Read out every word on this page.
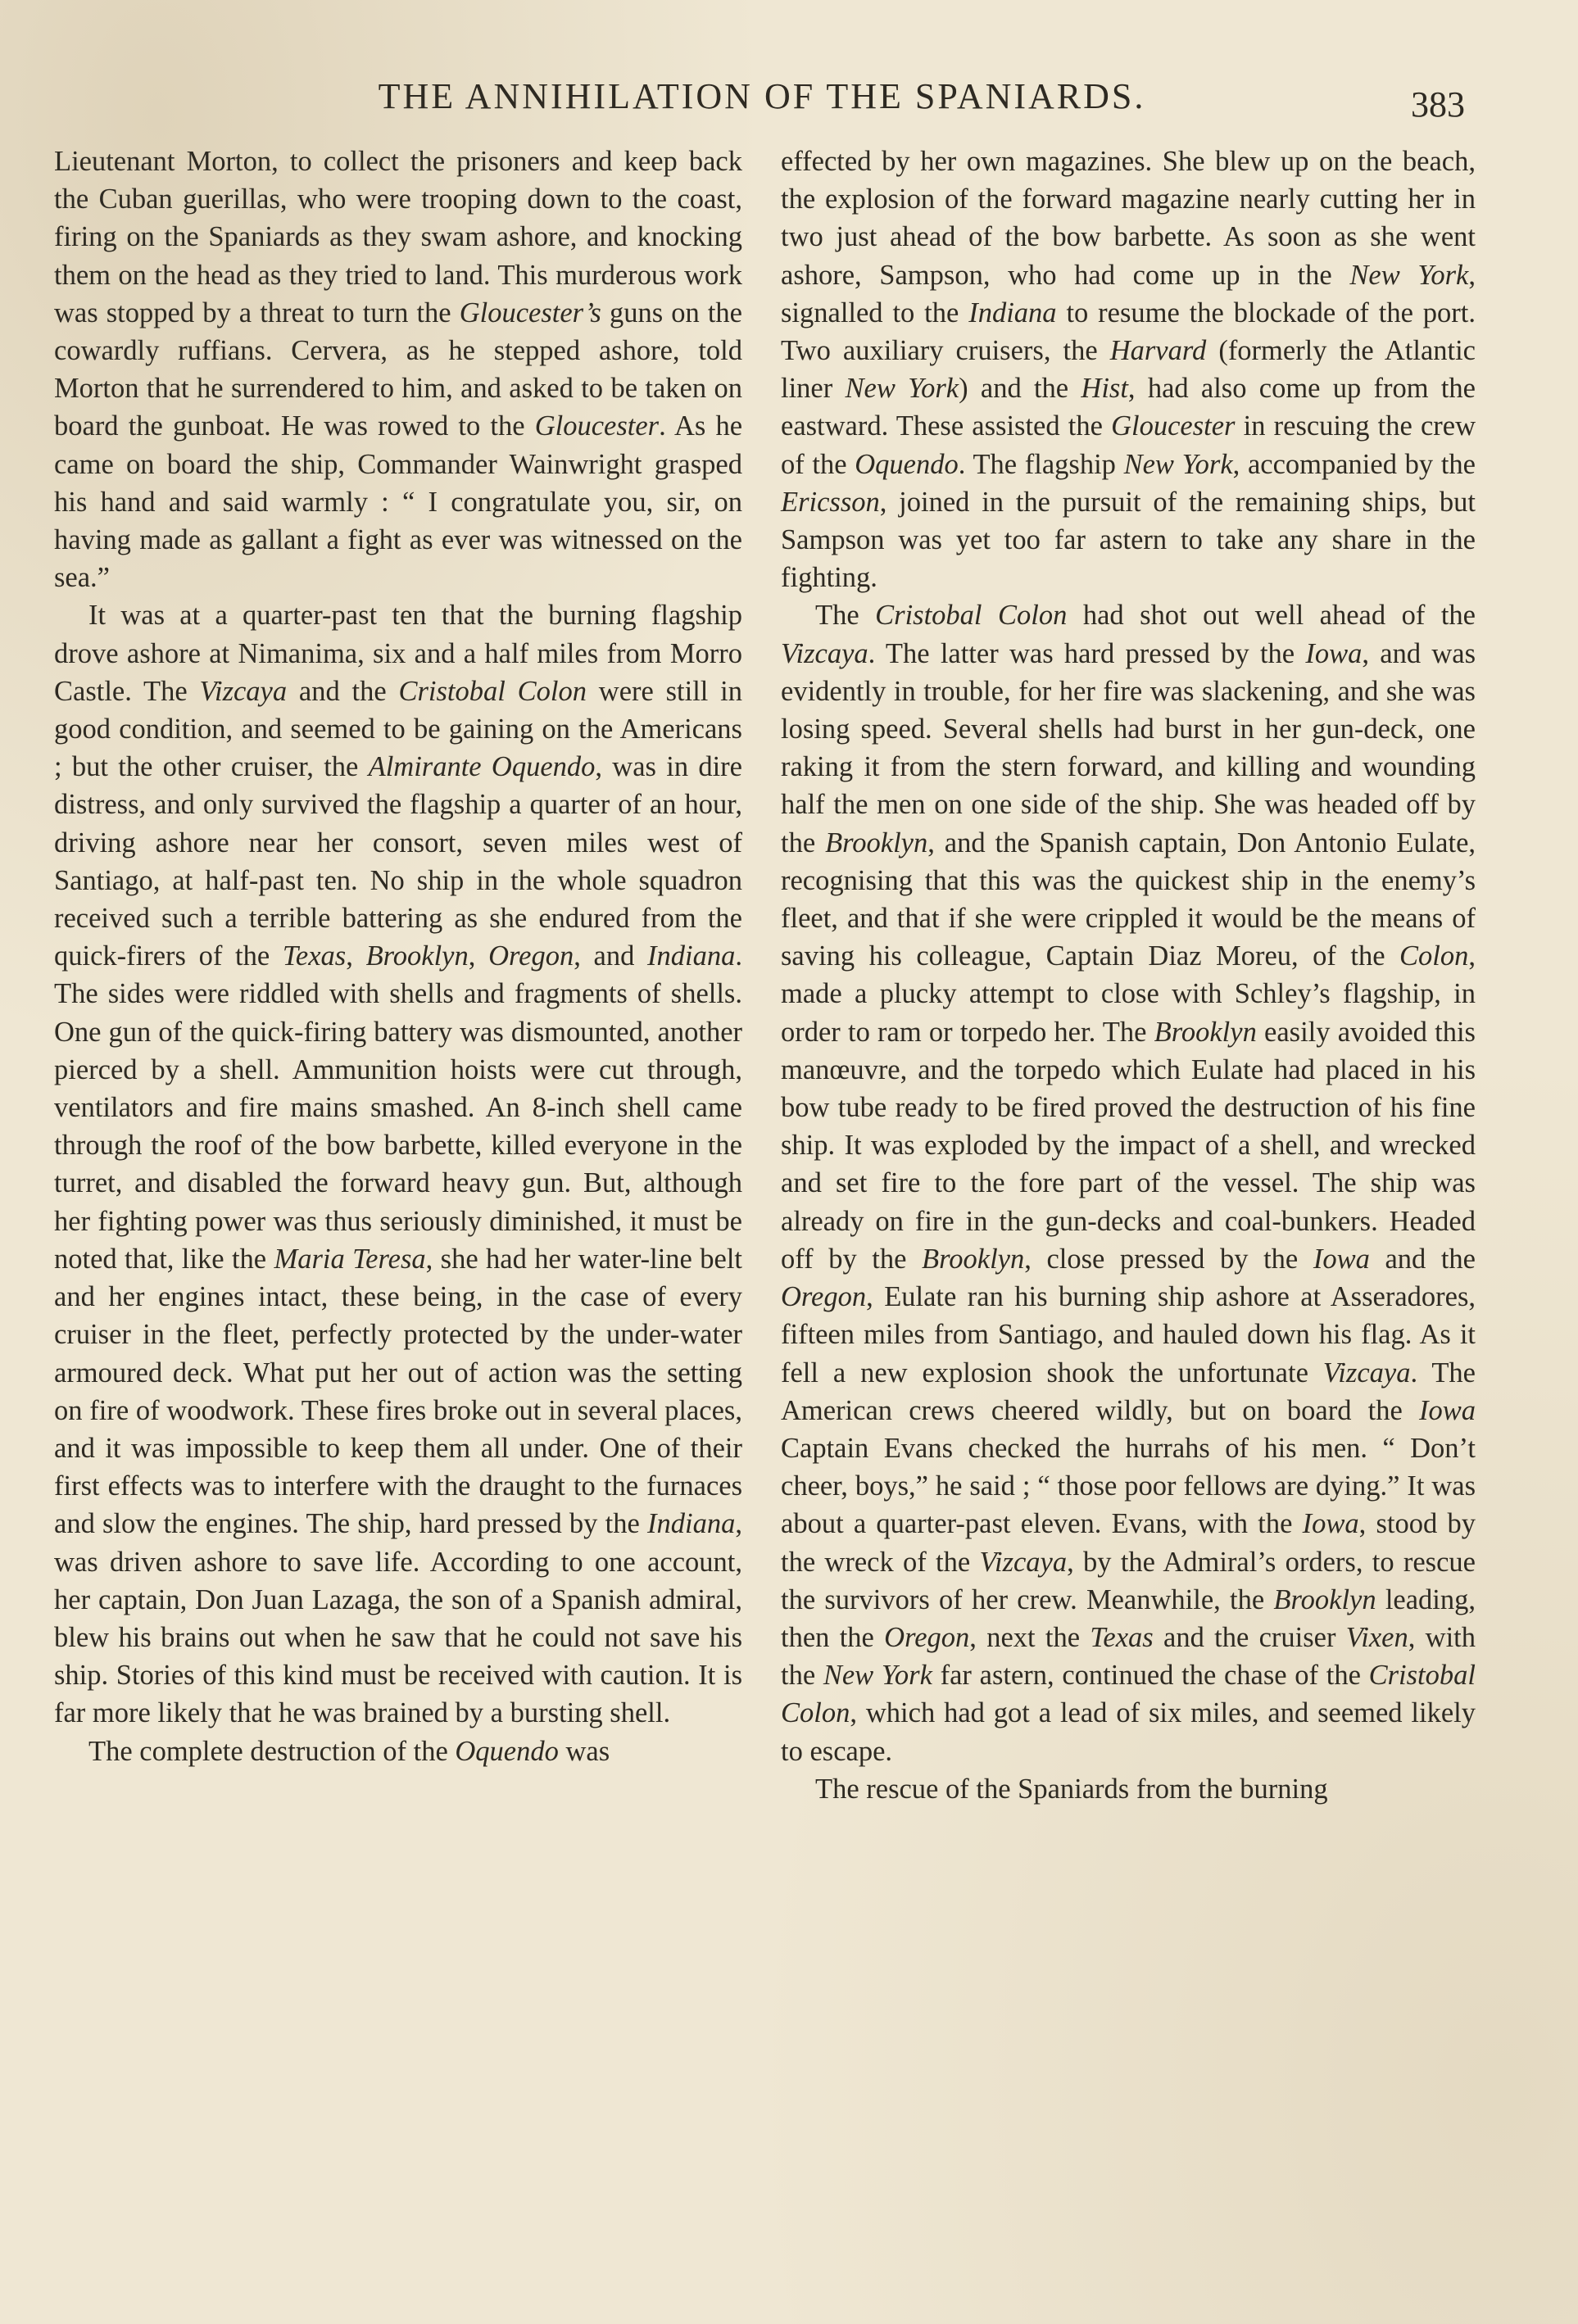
THE ANNIHILATION OF THE SPANIARDS.	383

Lieutenant Morton, to collect the prisoners and keep back the Cuban guerillas, who were trooping down to the coast, firing on the Spaniards as they swam ashore, and knocking them on the head as they tried to land. This murderous work was stopped by a threat to turn the Gloucester’s guns on the cowardly ruffians. Cervera, as he stepped ashore, told Morton that he surrendered to him, and asked to be taken on board the gunboat. He was rowed to the Gloucester. As he came on board the ship, Commander Wainwright grasped his hand and said warmly : “ I congratulate you, sir, on having made as gallant a fight as ever was witnessed on the sea.”

It was at a quarter-past ten that the burning flagship drove ashore at Nimanima, six and a half miles from Morro Castle. The Vizcaya and the Cristobal Colon were still in good condition, and seemed to be gaining on the Americans ; but the other cruiser, the Almirante Oquendo, was in dire distress, and only survived the flagship a quarter of an hour, driving ashore near her consort, seven miles west of Santiago, at half-past ten. No ship in the whole squadron received such a terrible battering as she endured from the quick-firers of the Texas, Brooklyn, Oregon, and Indiana. The sides were riddled with shells and fragments of shells. One gun of the quick-firing battery was dismounted, another pierced by a shell. Ammunition hoists were cut through, ventilators and fire mains smashed. An 8-inch shell came through the roof of the bow barbette, killed everyone in the turret, and disabled the forward heavy gun. But, although her fighting power was thus seriously diminished, it must be noted that, like the Maria Teresa, she had her water-line belt and her engines intact, these being, in the case of every cruiser in the fleet, perfectly protected by the under-water armoured deck. What put her out of action was the setting on fire of woodwork. These fires broke out in several places, and it was impossible to keep them all under. One of their first effects was to interfere with the draught to the furnaces and slow the engines. The ship, hard pressed by the Indiana, was driven ashore to save life. According to one account, her captain, Don Juan Lazaga, the son of a Spanish admiral, blew his brains out when he saw that he could not save his ship. Stories of this kind must be received with caution. It is far more likely that he was brained by a bursting shell.

The complete destruction of the Oquendo was

effected by her own magazines. She blew up on the beach, the explosion of the forward magazine nearly cutting her in two just ahead of the bow barbette. As soon as she went ashore, Sampson, who had come up in the New York, signalled to the Indiana to resume the blockade of the port. Two auxiliary cruisers, the Harvard (formerly the Atlantic liner New York) and the Hist, had also come up from the eastward. These assisted the Gloucester in rescuing the crew of the Oquendo. The flagship New York, accompanied by the Ericsson, joined in the pursuit of the remaining ships, but Sampson was yet too far astern to take any share in the fighting.

The Cristobal Colon had shot out well ahead of the Vizcaya. The latter was hard pressed by the Iowa, and was evidently in trouble, for her fire was slackening, and she was losing speed. Several shells had burst in her gun-deck, one raking it from the stern forward, and killing and wounding half the men on one side of the ship. She was headed off by the Brooklyn, and the Spanish captain, Don Antonio Eulate, recognising that this was the quickest ship in the enemy’s fleet, and that if she were crippled it would be the means of saving his colleague, Captain Diaz Moreu, of the Colon, made a plucky attempt to close with Schley’s flagship, in order to ram or torpedo her. The Brooklyn easily avoided this manœuvre, and the torpedo which Eulate had placed in his bow tube ready to be fired proved the destruction of his fine ship. It was exploded by the impact of a shell, and wrecked and set fire to the fore part of the vessel. The ship was already on fire in the gun-decks and coal-bunkers. Headed off by the Brooklyn, close pressed by the Iowa and the Oregon, Eulate ran his burning ship ashore at Asseradores, fifteen miles from Santiago, and hauled down his flag. As it fell a new explosion shook the unfortunate Vizcaya. The American crews cheered wildly, but on board the Iowa Captain Evans checked the hurrahs of his men. “ Don’t cheer, boys,” he said ; “ those poor fellows are dying.” It was about a quarter-past eleven. Evans, with the Iowa, stood by the wreck of the Vizcaya, by the Admiral’s orders, to rescue the survivors of her crew. Meanwhile, the Brooklyn leading, then the Oregon, next the Texas and the cruiser Vixen, with the New York far astern, continued the chase of the Cristobal Colon, which had got a lead of six miles, and seemed likely to escape.

The rescue of the Spaniards from the burning
